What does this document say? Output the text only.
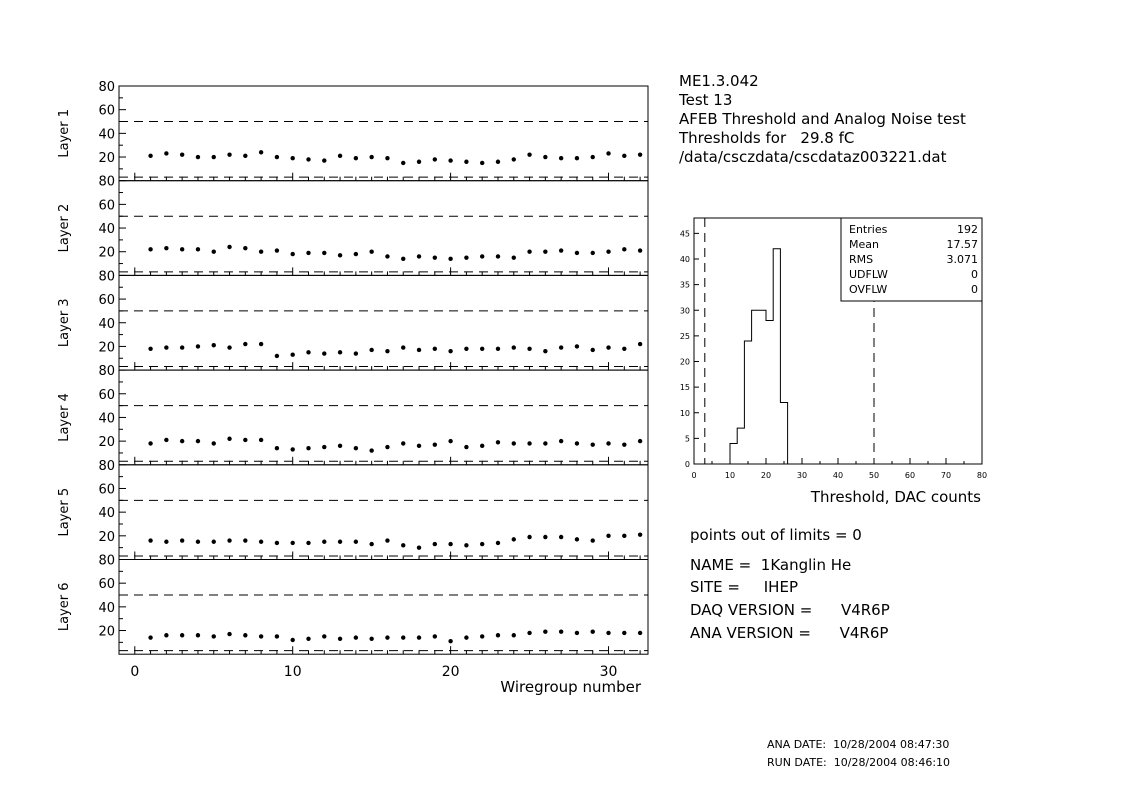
20
40
60
80
Layer 1
20
40
60
80
Layer 2
20
40
60
80
Layer 3
20
40
60
80
Layer 4
20
40
60
80
Layer 5
20
40
60
80
Layer 6
0	10	20	30
Wiregroup number
0
5
10
15
20
25
30
35
40
45
0	10	20	30	40	50	60	70	80
Entries	192
Mean	17.57
RMS	3.071
UDFLW	0
OVFLW	0
Threshold, DAC counts
ME1.3.042
Test 13
AFEB Threshold and Analog Noise test
Thresholds for   29.8 fC
/data/csczdata/cscdataz003221.dat
points out of limits = 0
NAME =  1Kanglin He
SITE =     IHEP
DAQ VERSION =      V4R6P
ANA VERSION =      V4R6P
ANA DATE:  10/28/2004 08:47:30
RUN DATE:  10/28/2004 08:46:10
